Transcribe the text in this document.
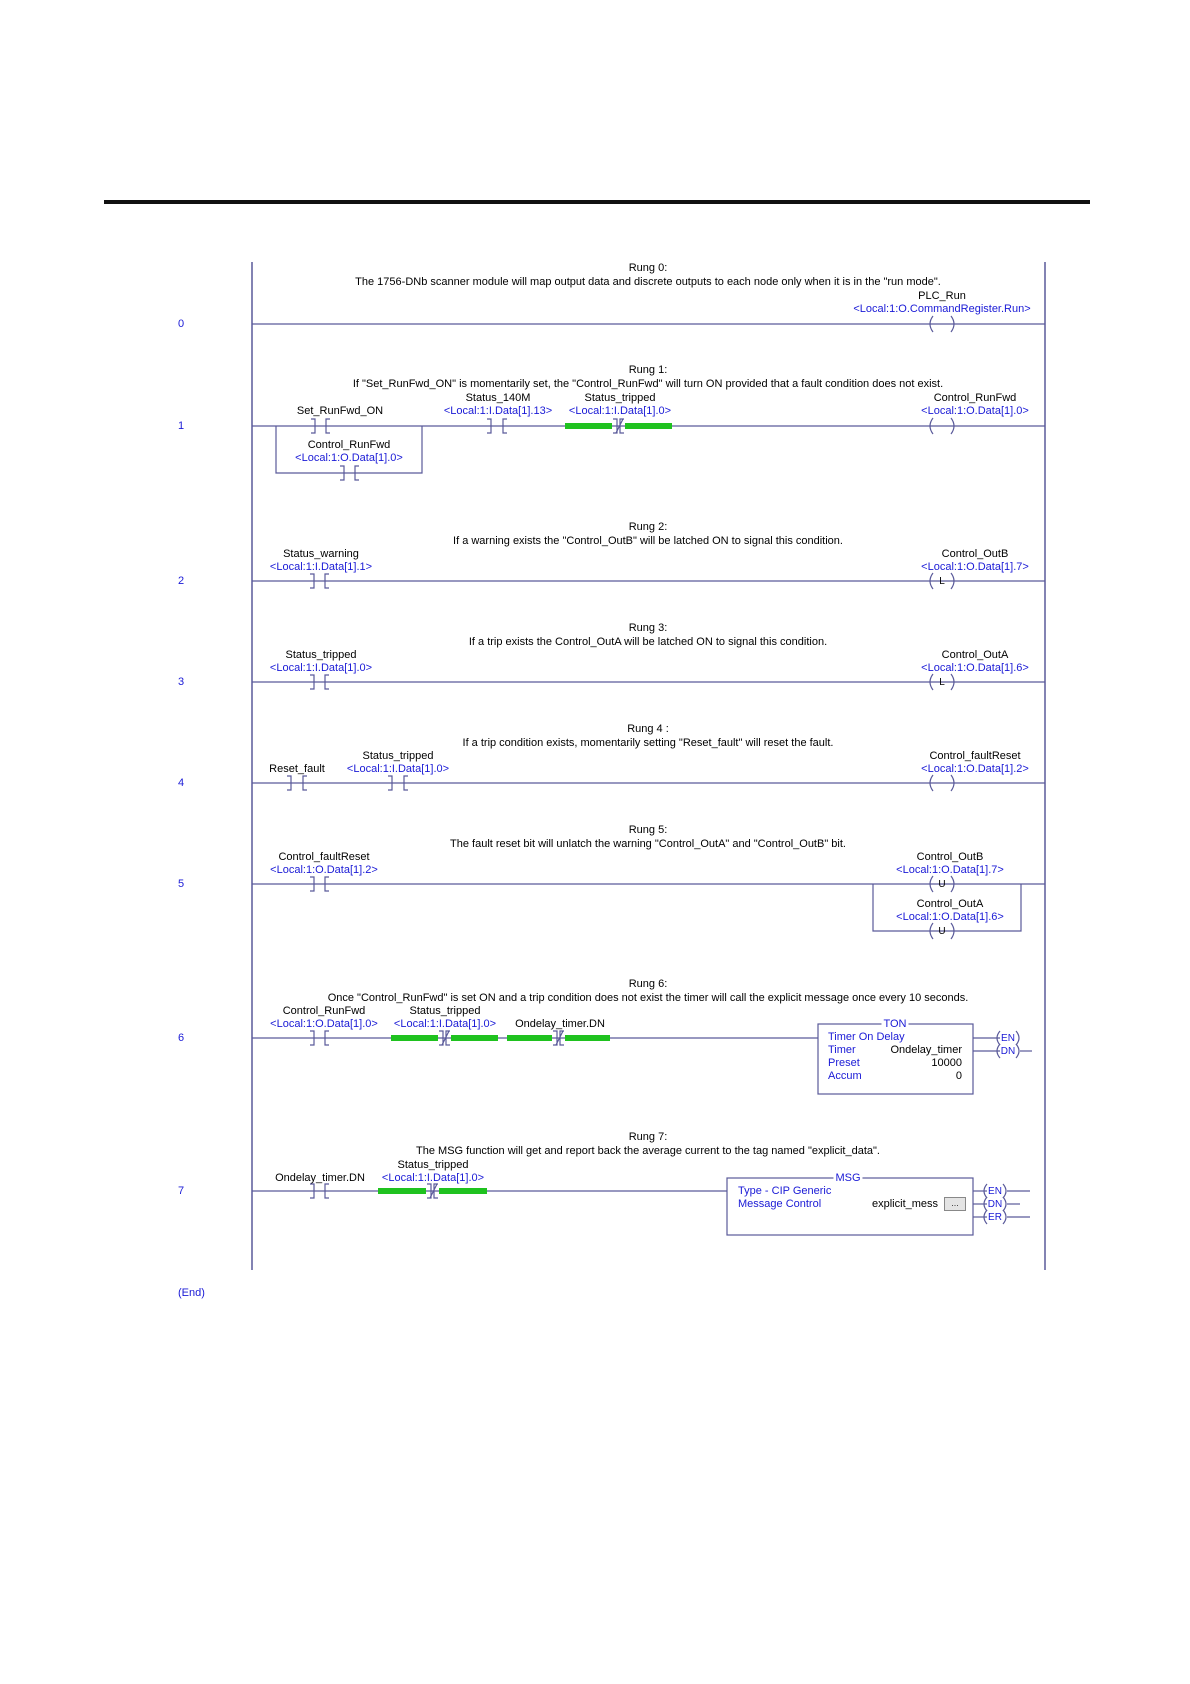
0
1
2
3
4
5
6
7
(End)
Rung 0:
The 1756-DNb scanner module will map output data and discrete outputs to each node only when it is in the "run mode".
PLC_Run
<Local:1:O.CommandRegister.Run>
Rung 1:
If "Set_RunFwd_ON" is momentarily set, the "Control_RunFwd" will turn ON provided that a fault condition does not exist.
Set_RunFwd_ON
Status_140M
<Local:1:I.Data[1].13>
Status_tripped
<Local:1:I.Data[1].0>
Control_RunFwd
<Local:1:O.Data[1].0>
Control_RunFwd
<Local:1:O.Data[1].0>
Rung 2:
If a warning exists the "Control_OutB" will be latched ON to signal this condition.
Status_warning
<Local:1:I.Data[1].1>
Control_OutB
<Local:1:O.Data[1].7>
L
Rung 3:
If a trip exists the Control_OutA will be latched ON to signal this condition.
Status_tripped
<Local:1:I.Data[1].0>
Control_OutA
<Local:1:O.Data[1].6>
L
Rung 4 :
If a trip condition exists, momentarily setting "Reset_fault" will reset the fault.
Reset_fault
Status_tripped
<Local:1:I.Data[1].0>
Control_faultReset
<Local:1:O.Data[1].2>
Rung 5:
The fault reset bit will unlatch the warning "Control_OutA" and "Control_OutB" bit.
Control_faultReset
<Local:1:O.Data[1].2>
Control_OutB
<Local:1:O.Data[1].7>
U
Control_OutA
<Local:1:O.Data[1].6>
U
Rung 6:
Once "Control_RunFwd" is set ON and a trip condition does not exist the timer will call the explicit message once every 10 seconds.
Control_RunFwd
<Local:1:O.Data[1].0>
Status_tripped
<Local:1:I.Data[1].0> Ondelay_timer.DN	TON
Timer On Delay
Timer	Ondelay_timer
Preset	10000
Accum	0
EN
DN
Rung 7:
The MSG function will get and report back the average current to the tag named "explicit_data".
Ondelay_timer.DN
Status_tripped
<Local:1:I.Data[1].0>	MSG
Type - CIP Generic
Message Control	explicit_mess	...
EN
DN
ER
